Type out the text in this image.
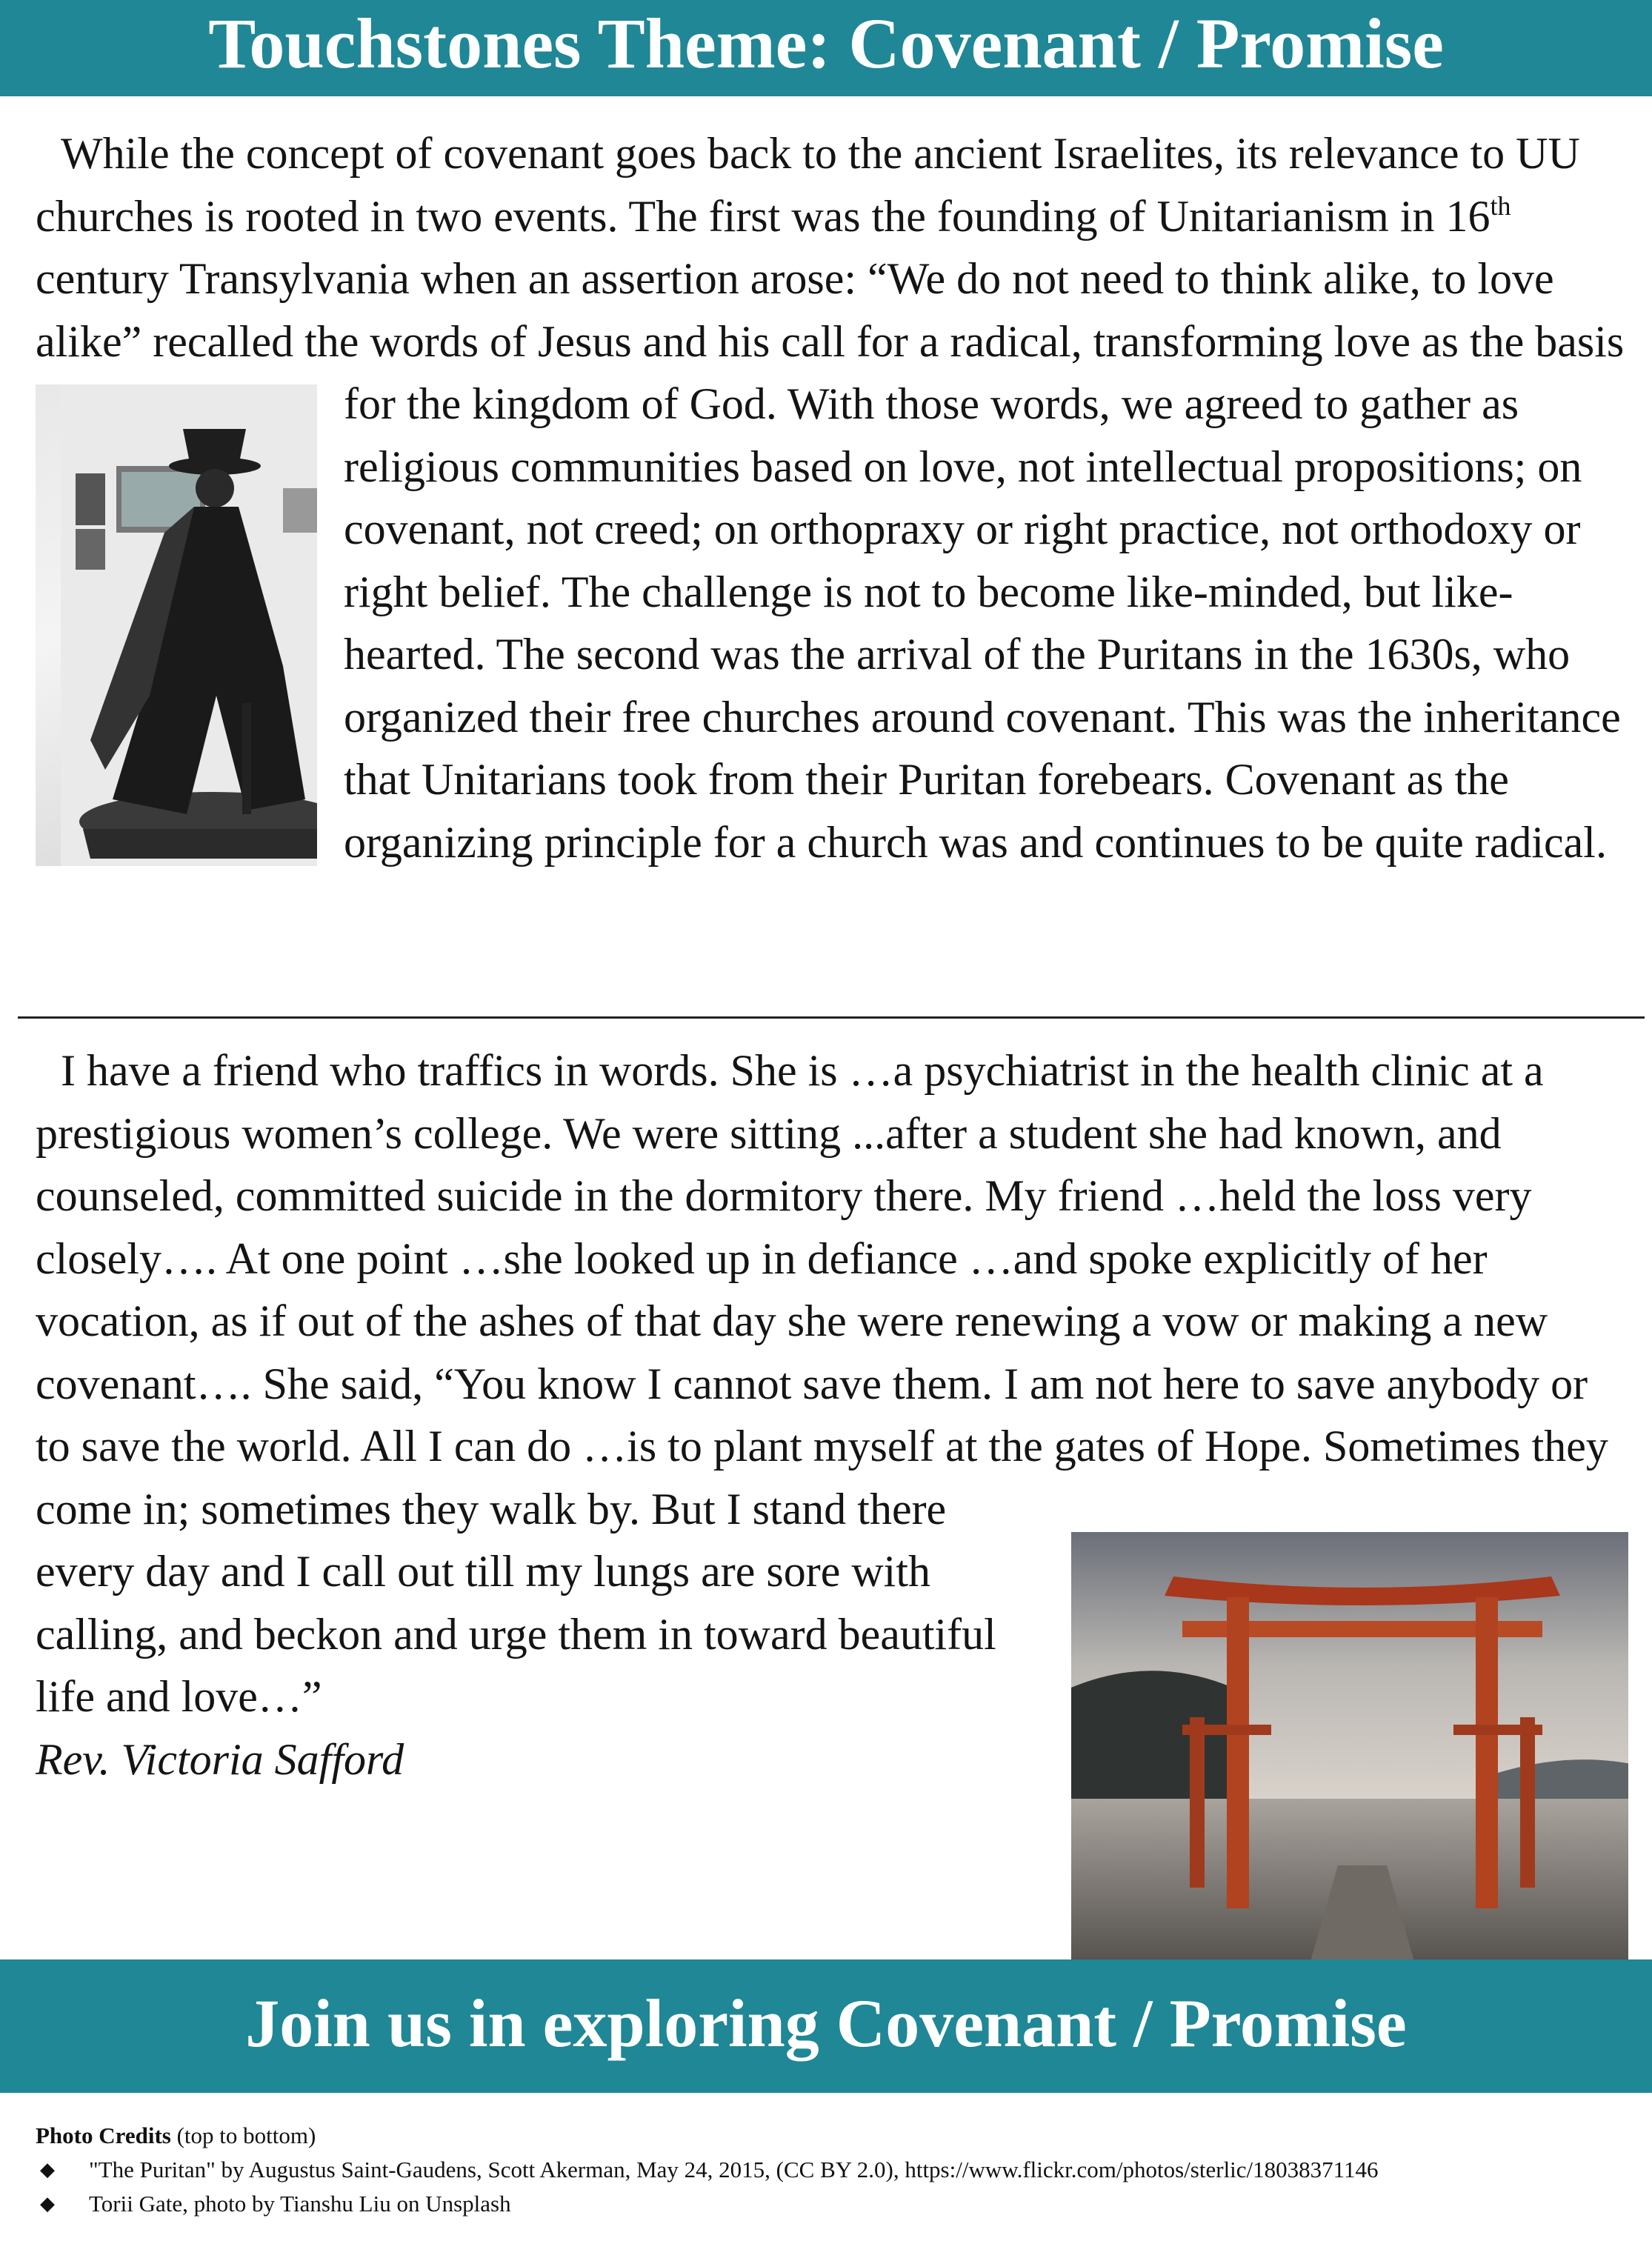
Touchstones Theme: Covenant / Promise

While the concept of covenant goes back to the ancient Israelites, its relevance to UU churches is rooted in two events. The first was the founding of Unitarianism in 16th
century Transylvania when an assertion arose: “We do not need to think alike, to love alike” recalled the words of Jesus and his call for a radical, transforming love as the basis for the kingdom of God. With those words, we agreed to gather as religious communities based on love, not intellectual propositions; on covenant, not creed; on orthopraxy or right practice, not orthodoxy or right belief. The challenge is not to become like-minded, but like-hearted. The second was the arrival of the Puritans in the 1630s, who organized their free churches around covenant. This was the inheritance that Unitarians took from their Puritan forebears. Covenant as the organizing principle for a church was and continues to be quite radical.

I have a friend who traffics in words. She is …a psychiatrist in the health clinic at a prestigious women’s college. We were sitting ...after a student she had known, and counseled, committed suicide in the dormitory there. My friend …held the loss very closely…. At one point …she looked up in defiance …and spoke explicitly of her vocation, as if out of the ashes of that day she were renewing a vow or making a new covenant…. She said, “You know I cannot save them. I am not here to save anybody or to save the world. All I can do …is to plant myself at the gates of Hope. Sometimes they come in; sometimes they walk by. But I stand there every day and I call out till my lungs are sore with calling, and beckon and urge them in toward beautiful life and love…”

Rev. Victoria Safford

Join us in exploring Covenant / Promise
Photo Credits (top to bottom)
◆ "The Puritan" by Augustus Saint-Gaudens, Scott Akerman, May 24, 2015, (CC BY 2.0), https://www.flickr.com/photos/sterlic/18038371146
◆ Torii Gate, photo by Tianshu Liu on Unsplash
